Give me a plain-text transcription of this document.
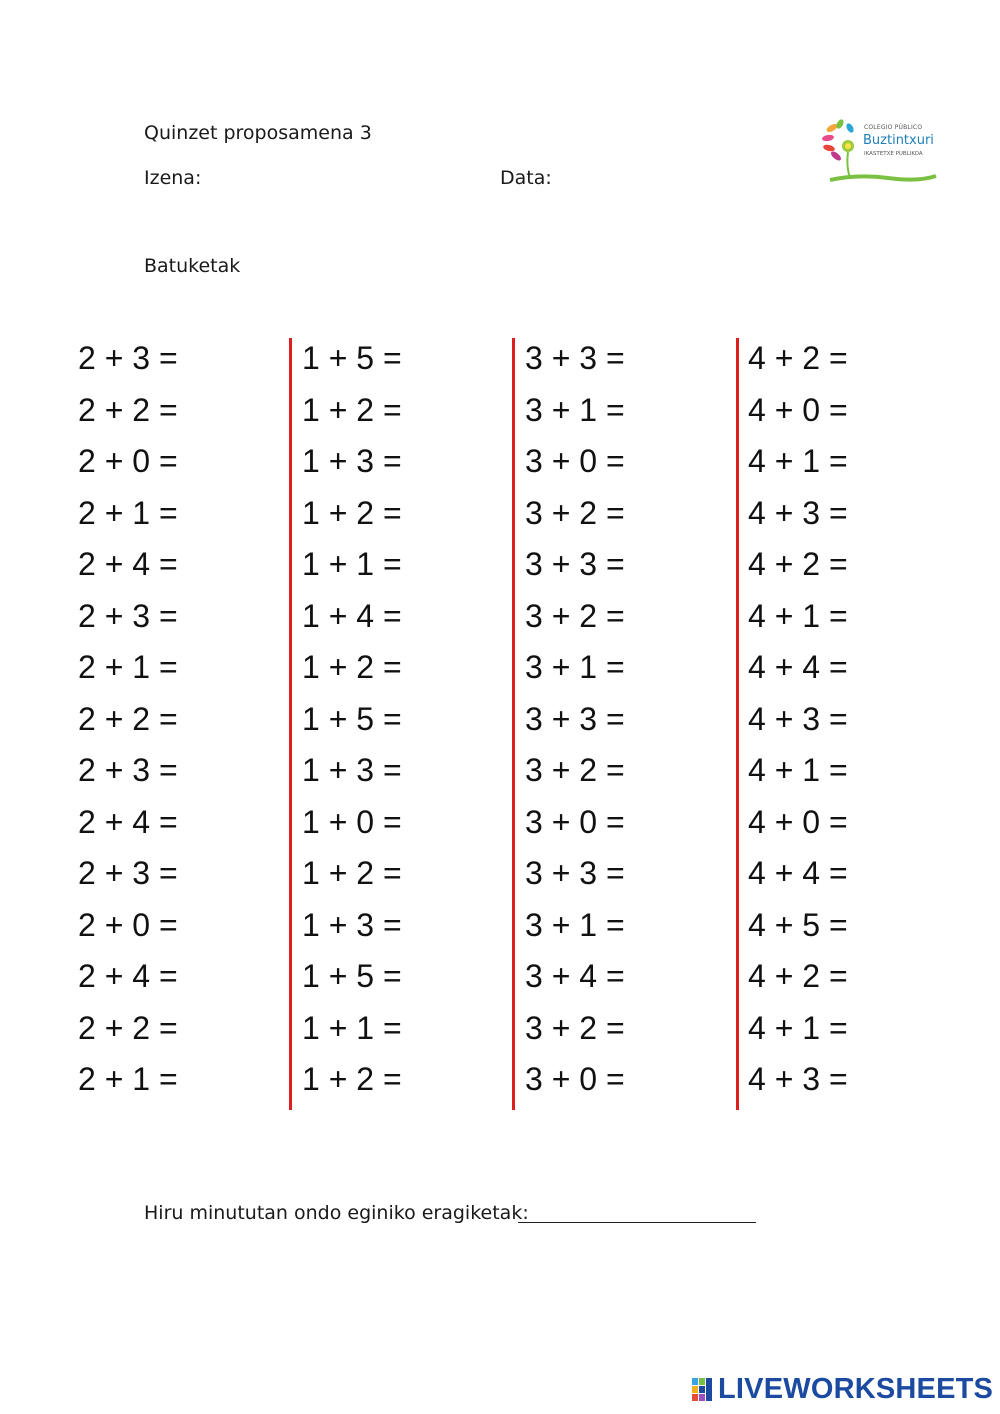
Quinzet proposamena 3
Izena:	Data:
COLEGIO PÚBLICO
Buztintxuri
IKASTETXE PUBLIKOA
Batuketak
2 + 3 =
2 + 2 =
2 + 0 =
2 + 1 =
2 + 4 =
2 + 3 =
2 + 1 =
2 + 2 =
2 + 3 =
2 + 4 =
2 + 3 =
2 + 0 =
2 + 4 =
2 + 2 =
2 + 1 =
1 + 5 =
1 + 2 =
1 + 3 =
1 + 2 =
1 + 1 =
1 + 4 =
1 + 2 =
1 + 5 =
1 + 3 =
1 + 0 =
1 + 2 =
1 + 3 =
1 + 5 =
1 + 1 =
1 + 2 =
3 + 3 =
3 + 1 =
3 + 0 =
3 + 2 =
3 + 3 =
3 + 2 =
3 + 1 =
3 + 3 =
3 + 2 =
3 + 0 =
3 + 3 =
3 + 1 =
3 + 4 =
3 + 2 =
3 + 0 =
4 + 2 =
4 + 0 =
4 + 1 =
4 + 3 =
4 + 2 =
4 + 1 =
4 + 4 =
4 + 3 =
4 + 1 =
4 + 0 =
4 + 4 =
4 + 5 =
4 + 2 =
4 + 1 =
4 + 3 =
Hiru minututan ondo eginiko eragiketak:
LIVEWORKSHEETS
